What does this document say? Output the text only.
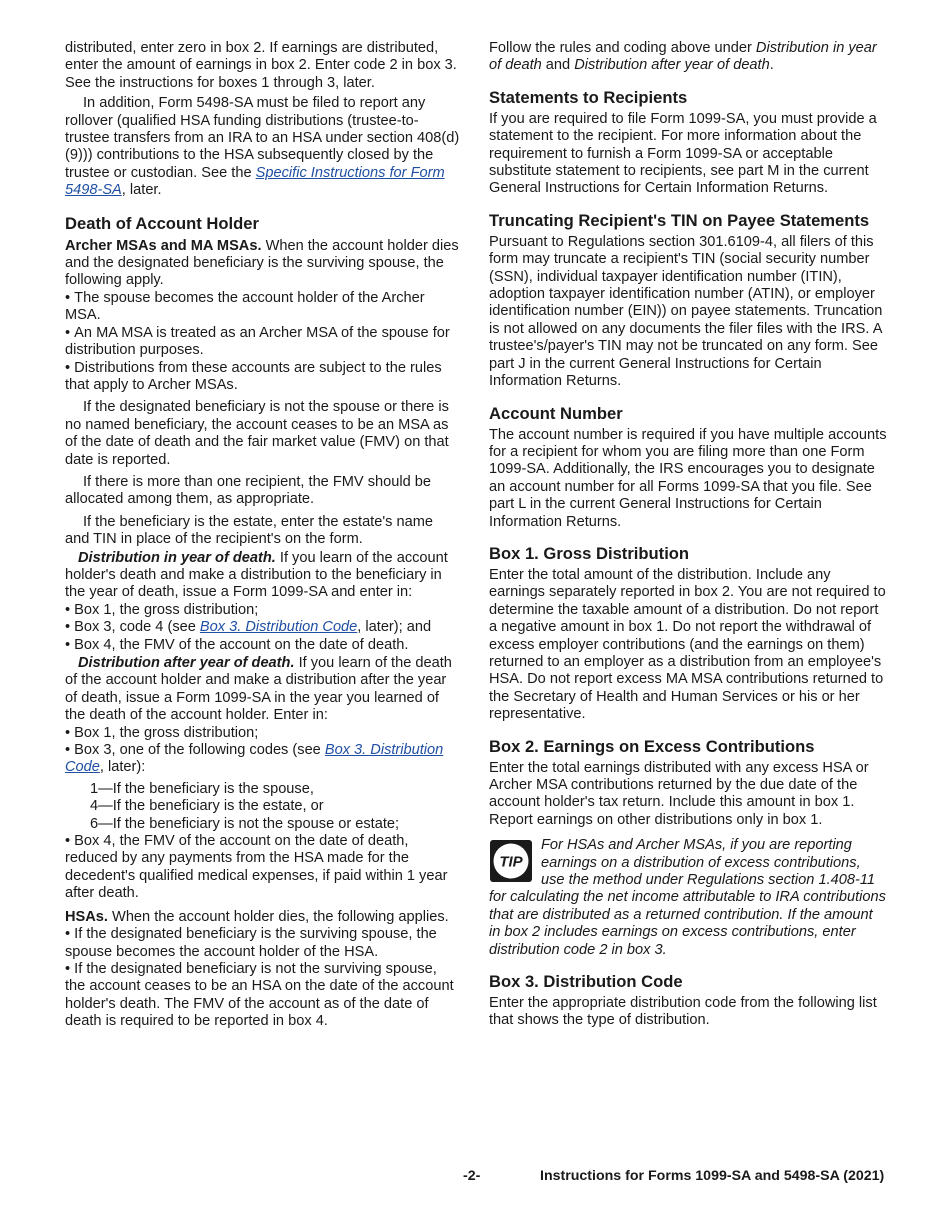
distributed, enter zero in box 2. If earnings are distributed, enter the amount of earnings in box 2. Enter code 2 in box 3. See the instructions for boxes 1 through 3, later.

In addition, Form 5498-SA must be filed to report any rollover (qualified HSA funding distributions (trustee-to-trustee transfers from an IRA to an HSA under section 408(d)(9))) contributions to the HSA subsequently closed by the trustee or custodian. See the Specific Instructions for Form 5498-SA, later.

Death of Account Holder

Archer MSAs and MA MSAs. When the account holder dies and the designated beneficiary is the surviving spouse, the following apply.

• The spouse becomes the account holder of the Archer MSA.

• An MA MSA is treated as an Archer MSA of the spouse for distribution purposes.

• Distributions from these accounts are subject to the rules that apply to Archer MSAs.

If the designated beneficiary is not the spouse or there is no named beneficiary, the account ceases to be an MSA as of the date of death and the fair market value (FMV) on that date is reported.

If there is more than one recipient, the FMV should be allocated among them, as appropriate.

If the beneficiary is the estate, enter the estate's name and TIN in place of the recipient's on the form.

Distribution in year of death. If you learn of the account holder's death and make a distribution to the beneficiary in the year of death, issue a Form 1099-SA and enter in:

• Box 1, the gross distribution;

• Box 3, code 4 (see Box 3. Distribution Code, later); and

• Box 4, the FMV of the account on the date of death.

Distribution after year of death. If you learn of the death of the account holder and make a distribution after the year of death, issue a Form 1099-SA in the year you learned of the death of the account holder. Enter in:

• Box 1, the gross distribution;

• Box 3, one of the following codes (see Box 3. Distribution Code, later):

1—If the beneficiary is the spouse,

4—If the beneficiary is the estate, or

6—If the beneficiary is not the spouse or estate;

• Box 4, the FMV of the account on the date of death, reduced by any payments from the HSA made for the decedent's qualified medical expenses, if paid within 1 year after death.

HSAs. When the account holder dies, the following applies.

• If the designated beneficiary is the surviving spouse, the spouse becomes the account holder of the HSA.

• If the designated beneficiary is not the surviving spouse, the account ceases to be an HSA on the date of the account holder's death. The FMV of the account as of the date of death is required to be reported in box 4.

Follow the rules and coding above under Distribution in year of death and Distribution after year of death.

Statements to Recipients

If you are required to file Form 1099-SA, you must provide a statement to the recipient. For more information about the requirement to furnish a Form 1099-SA or acceptable substitute statement to recipients, see part M in the current General Instructions for Certain Information Returns.

Truncating Recipient's TIN on Payee Statements

Pursuant to Regulations section 301.6109-4, all filers of this form may truncate a recipient's TIN (social security number (SSN), individual taxpayer identification number (ITIN), adoption taxpayer identification number (ATIN), or employer identification number (EIN)) on payee statements. Truncation is not allowed on any documents the filer files with the IRS. A trustee's/payer's TIN may not be truncated on any form. See part J in the current General Instructions for Certain Information Returns.

Account Number

The account number is required if you have multiple accounts for a recipient for whom you are filing more than one Form 1099-SA. Additionally, the IRS encourages you to designate an account number for all Forms 1099-SA that you file. See part L in the current General Instructions for Certain Information Returns.

Box 1. Gross Distribution

Enter the total amount of the distribution. Include any earnings separately reported in box 2. You are not required to determine the taxable amount of a distribution. Do not report a negative amount in box 1. Do not report the withdrawal of excess employer contributions (and the earnings on them) returned to an employer as a distribution from an employee's HSA. Do not report excess MA MSA contributions returned to the Secretary of Health and Human Services or his or her representative.

Box 2. Earnings on Excess Contributions

Enter the total earnings distributed with any excess HSA or Archer MSA contributions returned by the due date of the account holder's tax return. Include this amount in box 1. Report earnings on other distributions only in box 1.

TIP

For HSAs and Archer MSAs, if you are reporting earnings on a distribution of excess contributions, use the method under Regulations section 1.408-11 for calculating the net income attributable to IRA contributions that are distributed as a returned contribution. If the amount in box 2 includes earnings on excess contributions, enter distribution code 2 in box 3.

Box 3. Distribution Code

Enter the appropriate distribution code from the following list that shows the type of distribution.

-2-	Instructions for Forms 1099-SA and 5498-SA (2021)
